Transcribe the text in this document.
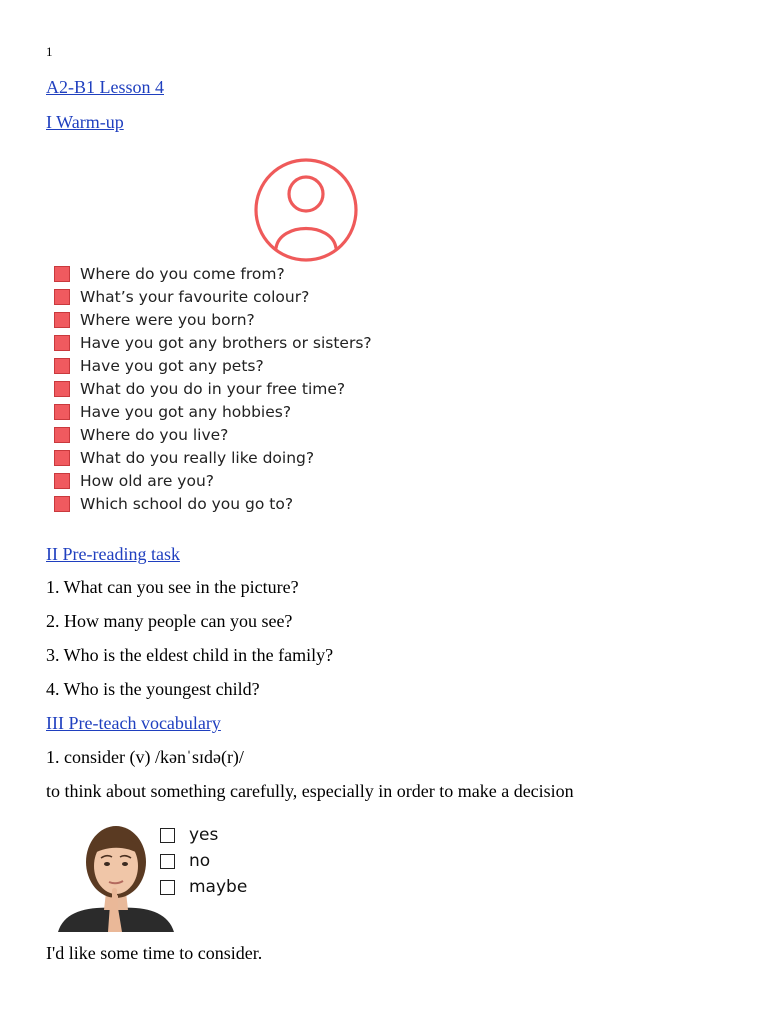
1
A2-B1 Lesson 4
I Warm-up
Where do you come from?
What’s your favourite colour?
Where were you born?
Have you got any brothers or sisters?
Have you got any pets?
What do you do in your free time?
Have you got any hobbies?
Where do you live?
What do you really like doing?
How old are you?
Which school do you go to?
II Pre-reading task
1. What can you see in the picture?
2. How many people can you see?
3. Who is the eldest child in the family?
4. Who is the youngest child?
III Pre-teach vocabulary
1. consider (v) /kənˈsɪdə(r)/
to think about something carefully, especially in order to make a decision
yes
no
maybe
I'd like some time to consider.
